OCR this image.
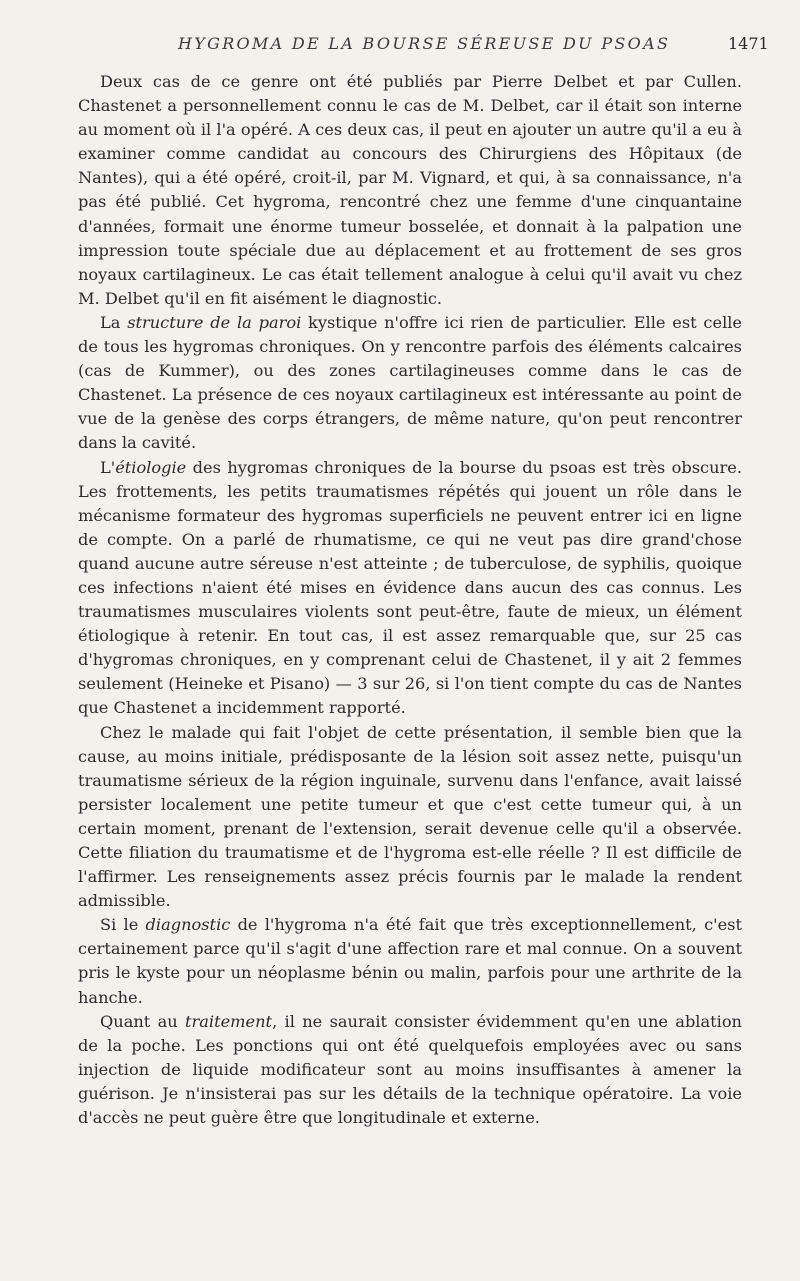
HYGROMA DE LA BOURSE SÉREUSE DU PSOAS	1471

Deux cas de ce genre ont été publiés par Pierre Delbet et par Cullen. Chastenet a personnellement connu le cas de M. Delbet, car il était son interne au moment où il l'a opéré. A ces deux cas, il peut en ajouter un autre qu'il a eu à examiner comme candidat au concours des Chirurgiens des Hôpitaux (de Nantes), qui a été opéré, croit-il, par M. Vignard, et qui, à sa connaissance, n'a pas été publié. Cet hygroma, rencontré chez une femme d'une cinquantaine d'années, formait une énorme tumeur bosselée, et donnait à la palpation une impression toute spéciale due au déplacement et au frottement de ses gros noyaux cartilagineux. Le cas était tellement analogue à celui qu'il avait vu chez M. Delbet qu'il en fit aisément le diagnostic.

La structure de la paroi kystique n'offre ici rien de particulier. Elle est celle de tous les hygromas chroniques. On y rencontre parfois des éléments calcaires (cas de Kummer), ou des zones cartilagineuses comme dans le cas de Chastenet. La présence de ces noyaux cartilagineux est intéressante au point de vue de la genèse des corps étrangers, de même nature, qu'on peut rencontrer dans la cavité.

L'étiologie des hygromas chroniques de la bourse du psoas est très obscure. Les frottements, les petits traumatismes répétés qui jouent un rôle dans le mécanisme formateur des hygromas superficiels ne peuvent entrer ici en ligne de compte. On a parlé de rhumatisme, ce qui ne veut pas dire grand'chose quand aucune autre séreuse n'est atteinte ; de tuberculose, de syphilis, quoique ces infections n'aient été mises en évidence dans aucun des cas connus. Les traumatismes musculaires violents sont peut-être, faute de mieux, un élément étiologique à retenir. En tout cas, il est assez remarquable que, sur 25 cas d'hygromas chroniques, en y comprenant celui de Chastenet, il y ait 2 femmes seulement (Heineke et Pisano) — 3 sur 26, si l'on tient compte du cas de Nantes que Chastenet a incidemment rapporté.

Chez le malade qui fait l'objet de cette présentation, il semble bien que la cause, au moins initiale, prédisposante de la lésion soit assez nette, puisqu'un traumatisme sérieux de la région inguinale, survenu dans l'enfance, avait laissé persister localement une petite tumeur et que c'est cette tumeur qui, à un certain moment, prenant de l'extension, serait devenue celle qu'il a observée. Cette filiation du traumatisme et de l'hygroma est-elle réelle ? Il est difficile de l'affirmer. Les renseignements assez précis fournis par le malade la rendent admissible.

Si le diagnostic de l'hygroma n'a été fait que très exceptionnellement, c'est certainement parce qu'il s'agit d'une affection rare et mal connue. On a souvent pris le kyste pour un néoplasme bénin ou malin, parfois pour une arthrite de la hanche.

Quant au traitement, il ne saurait consister évidemment qu'en une ablation de la poche. Les ponctions qui ont été quelquefois employées avec ou sans injection de liquide modificateur sont au moins insuffisantes à amener la guérison. Je n'insisterai pas sur les détails de la technique opératoire. La voie d'accès ne peut guère être que longitudinale et externe.
